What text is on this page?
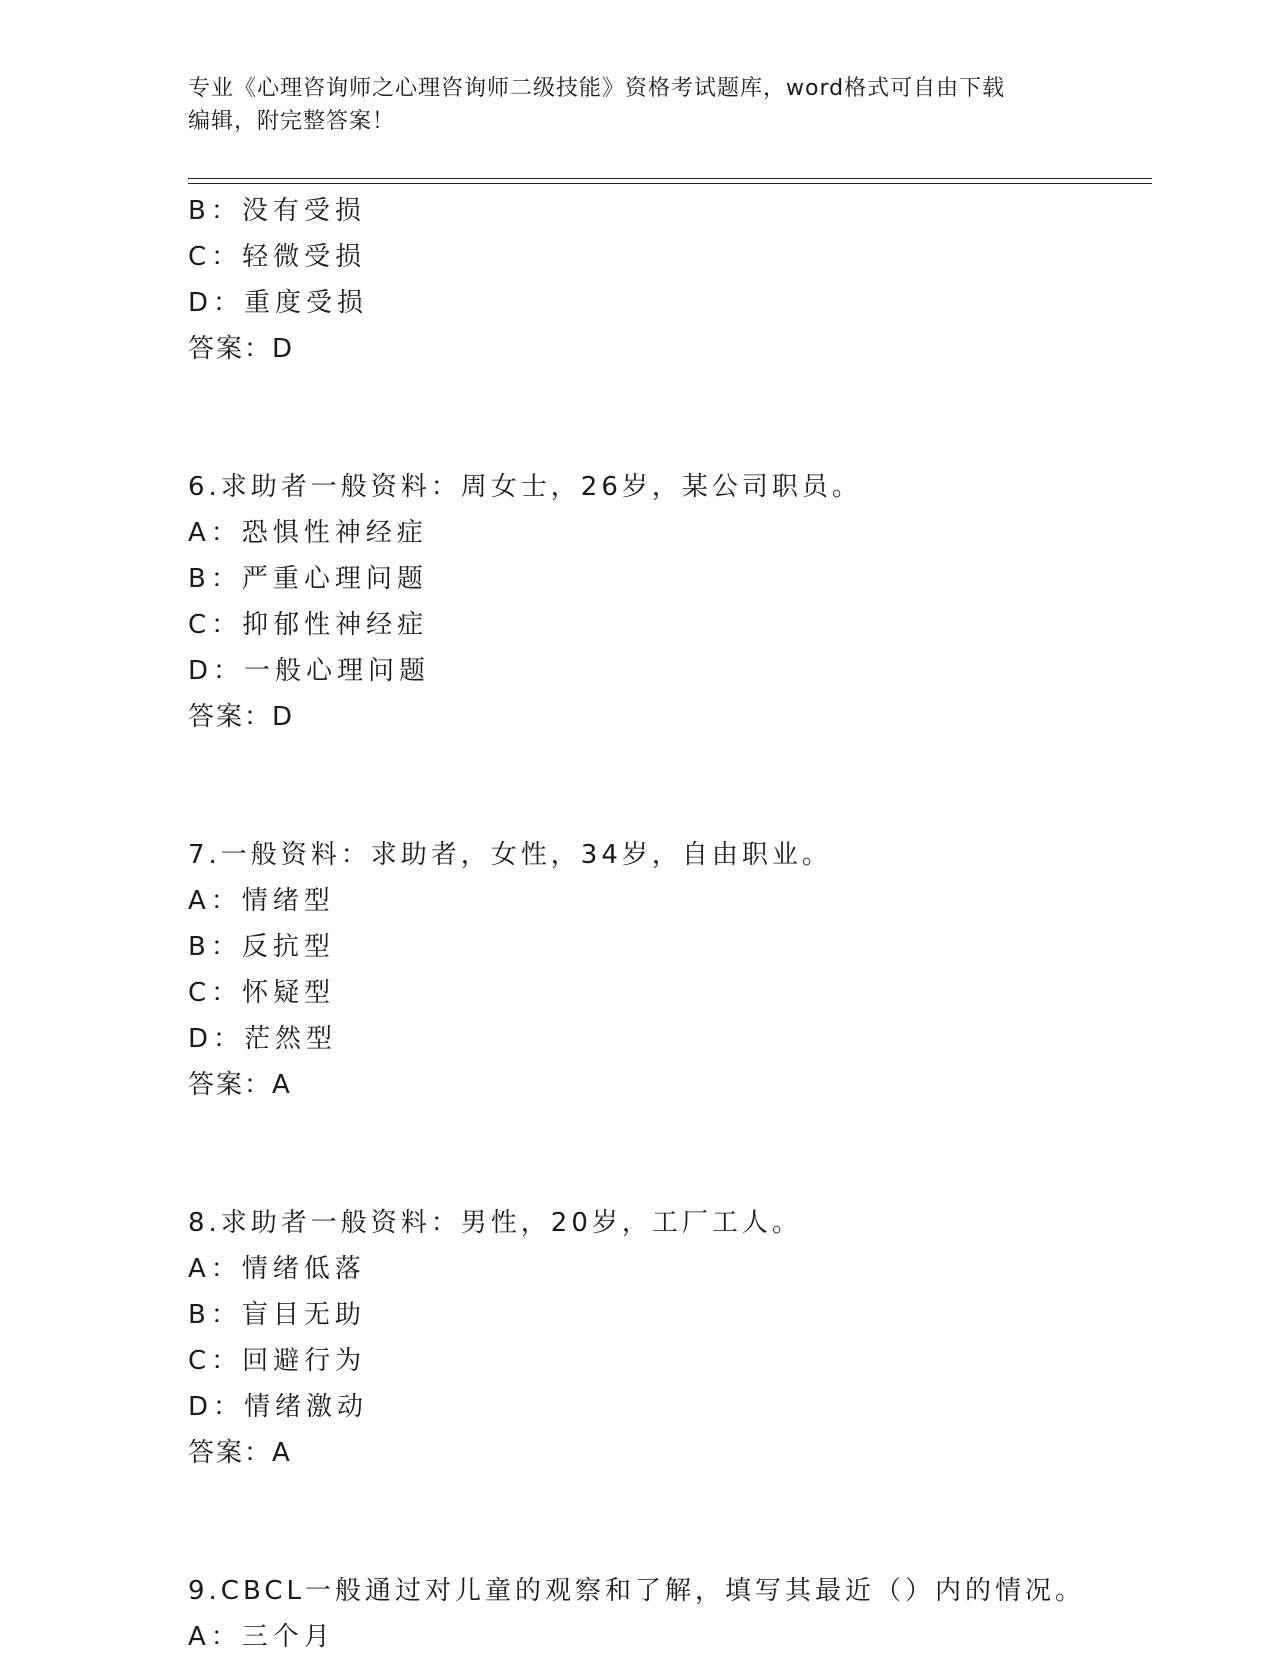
专业《心理咨询师之心理咨询师二级技能》资格考试题库，word格式可自由下载
编辑，附完整答案！
B：没有受损
C：轻微受损
D：重度受损
答案：D
6.求助者一般资料：周女士，26岁，某公司职员。
A：恐惧性神经症
B：严重心理问题
C：抑郁性神经症
D：一般心理问题
答案：D
7.一般资料：求助者，女性，34岁，自由职业。
A：情绪型
B：反抗型
C：怀疑型
D：茫然型
答案：A
8.求助者一般资料：男性，20岁，工厂工人。
A：情绪低落
B：盲目无助
C：回避行为
D：情绪激动
答案：A
9.CBCL一般通过对儿童的观察和了解，填写其最近（）内的情况。
A：三个月
